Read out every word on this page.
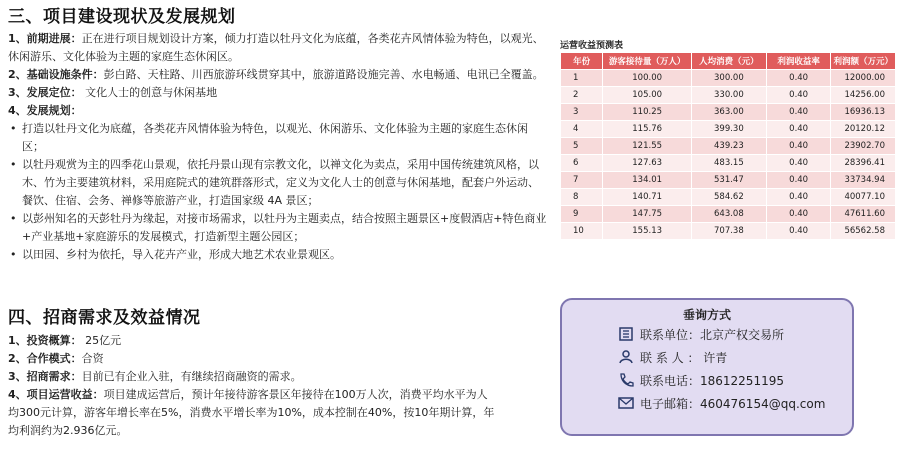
三、项目建设现状及发展规划
1、前期进展：正在进行项目规划设计方案，倾力打造以牡丹文化为底蕴，各类花卉风情体验为特色，以观光、
休闲游乐、文化体验为主题的家庭生态休闲区。
2、基础设施条件：彭白路、天柱路、川西旅游环线贯穿其中，旅游道路设施完善、水电畅通、电讯已全覆盖。
3、发展定位： 文化人士的创意与休闲基地
4、发展规划：
• 打造以牡丹文化为底蕴，各类花卉风情体验为特色，以观光、休闲游乐、文化体验为主题的家庭生态休闲
区；
• 以牡丹观赏为主的四季花山景观，依托丹景山现有宗教文化，以禅文化为卖点，采用中国传统建筑风格，以
木、竹为主要建筑材料，采用庭院式的建筑群落形式，定义为文化人士的创意与休闲基地，配套户外运动、
餐饮、住宿、会务、禅修等旅游产业，打造国家级 4A 景区；
• 以彭州知名的天彭牡丹为缘起，对接市场需求，以牡丹为主题卖点，结合按照主题景区+度假酒店+特色商业
+产业基地+家庭游乐的发展模式，打造新型主题公园区；
• 以田园、乡村为依托，导入花卉产业，形成大地艺术农业景观区。
四、招商需求及效益情况
1、投资概算： 25亿元
2、合作模式：合资
3、招商需求：目前已有企业入驻，有继续招商融资的需求。
4、项目运营收益：项目建成运营后，预计年接待游客景区年接待在100万人次，消费平均水平为人
均300元计算，游客年增长率在5%，消费水平增长率为10%，成本控制在40%，按10年期计算，年
均利润约为2.936亿元。
运营收益预测表
年份	游客接待量（万人）	人均消费（元）	利润收益率	利润额（万元）
1	100.00	300.00	0.40	12000.00
2	105.00	330.00	0.40	14256.00
3	110.25	363.00	0.40	16936.13
4	115.76	399.30	0.40	20120.12
5	121.55	439.23	0.40	23902.70
6	127.63	483.15	0.40	28396.41
7	134.01	531.47	0.40	33734.94
8	140.71	584.62	0.40	40077.10
9	147.75	643.08	0.40	47611.60
10	155.13	707.38	0.40	56562.58
垂询方式
联系单位：北京产权交易所
联 系 人 ： 许青
联系电话：18612251195
电子邮箱：460476154@qq.com
